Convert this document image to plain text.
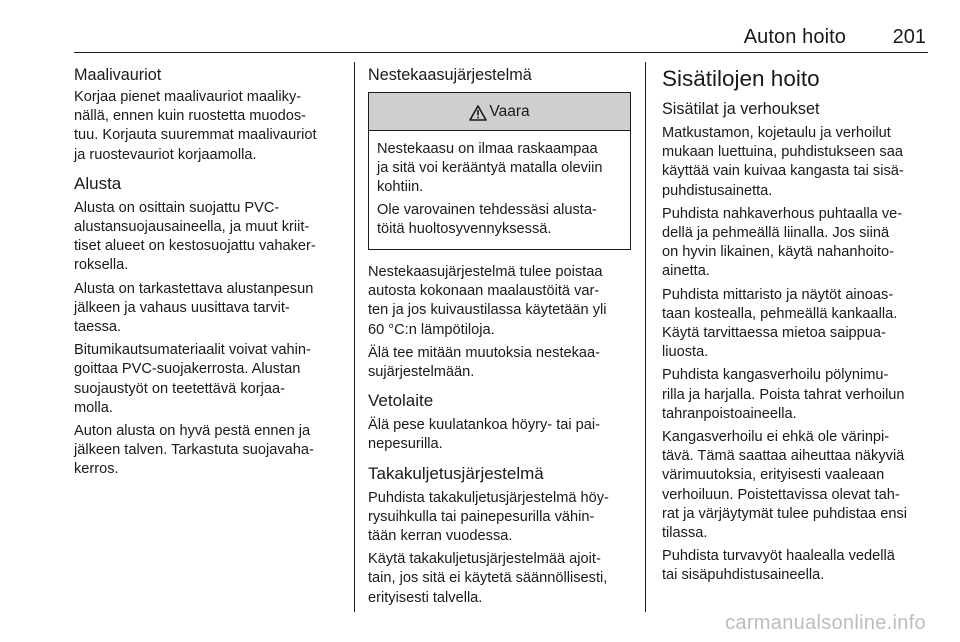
Auton hoito 201
Maalivauriot
Korjaa pienet maalivauriot maaliky-
nällä, ennen kuin ruostetta muodos-
tuu. Korjauta suuremmat maalivauriot
ja ruostevauriot korjaamolla.
Alusta
Alusta on osittain suojattu PVC-
alustansuojausaineella, ja muut kriit-
tiset alueet on kestosuojattu vahaker-
roksella.
Alusta on tarkastettava alustanpesun
jälkeen ja vahaus uusittava tarvit-
taessa.
Bitumikautsumateriaalit voivat vahin-
goittaa PVC-suojakerrosta. Alustan
suojaustyöt on teetettävä korjaa-
molla.
Auton alusta on hyvä pestä ennen ja
jälkeen talven. Tarkastuta suojavaha-
kerros.
Nestekaasujärjestelmä
Vaara
Nestekaasu on ilmaa raskaampaa
ja sitä voi kerääntyä matalla oleviin
kohtiin.
Ole varovainen tehdessäsi alusta-
töitä huoltosyvennyksessä.
Nestekaasujärjestelmä tulee poistaa
autosta kokonaan maalaustöitä var-
ten ja jos kuivaustilassa käytetään yli
60 °C:n lämpötiloja.
Älä tee mitään muutoksia nestekaa-
sujärjestelmään.
Vetolaite
Älä pese kuulatankoa höyry- tai pai-
nepesurilla.
Takakuljetusjärjestelmä
Puhdista takakuljetusjärjestelmä höy-
rysuihkulla tai painepesurilla vähin-
tään kerran vuodessa.
Käytä takakuljetusjärjestelmää ajoit-
tain, jos sitä ei käytetä säännöllisesti,
erityisesti talvella.
Sisätilojen hoito
Sisätilat ja verhoukset
Matkustamon, kojetaulu ja verhoilut
mukaan luettuina, puhdistukseen saa
käyttää vain kuivaa kangasta tai sisä-
puhdistusainetta.
Puhdista nahkaverhous puhtaalla ve-
dellä ja pehmeällä liinalla. Jos siinä
on hyvin likainen, käytä nahanhoito-
ainetta.
Puhdista mittaristo ja näytöt ainoas-
taan kostealla, pehmeällä kankaalla.
Käytä tarvittaessa mietoa saippua-
liuosta.
Puhdista kangasverhoilu pölynimu-
rilla ja harjalla. Poista tahrat verhoilun
tahranpoistoaineella.
Kangasverhoilu ei ehkä ole värinpi-
tävä. Tämä saattaa aiheuttaa näkyviä
värimuutoksia, erityisesti vaaleaan
verhoiluun. Poistettavissa olevat tah-
rat ja värjäytymät tulee puhdistaa ensi
tilassa.
Puhdista turvavyöt haalealla vedellä
tai sisäpuhdistusaineella.
carmanualsonline.info
